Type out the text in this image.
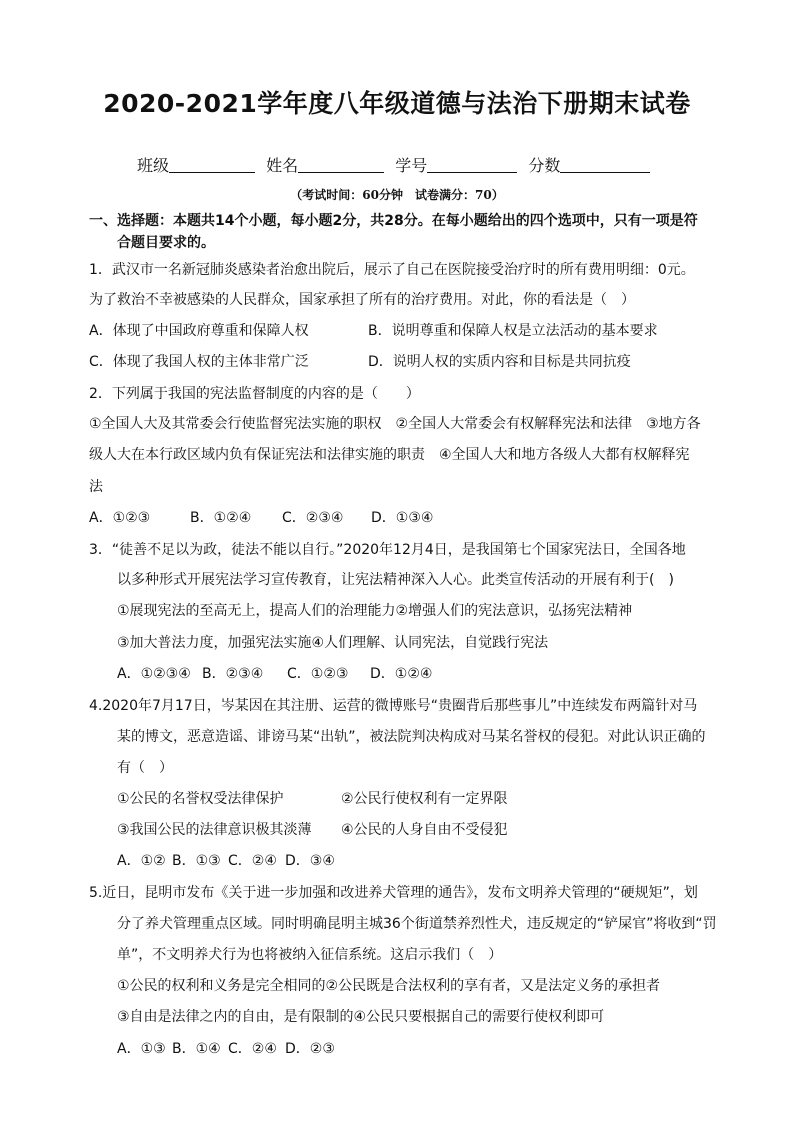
2020-2021学年度八年级道德与法治下册期末试卷
班级	姓名	学号	分数
（考试时间：60分钟　试卷满分：70）
一、选择题：本题共14个小题，每小题2分，共28分。在每小题给出的四个选项中，只有一项是符
合题目要求的。
1．武汉市一名新冠肺炎感染者治愈出院后，展示了自己在医院接受治疗时的所有费用明细：0元。
为了救治不幸被感染的人民群众，国家承担了所有的治疗费用。对此，你的看法是（　）
A．体现了中国政府尊重和保障人权	B．说明尊重和保障人权是立法活动的基本要求
C．体现了我国人权的主体非常广泛	D．说明人权的实质内容和目标是共同抗疫
2．下列属于我国的宪法监督制度的内容的是（　　）
①全国人大及其常委会行使监督宪法实施的职权　②全国人大常委会有权解释宪法和法律　③地方各
级人大在本行政区域内负有保证宪法和法律实施的职责　④全国人大和地方各级人大都有权解释宪
法
A．①②③	B．①②④ C．②③④ D．①③④
3．“徒善不足以为政，徒法不能以自行。”2020年12月4日，是我国第七个国家宪法日，全国各地
以多种形式开展宪法学习宣传教育，让宪法精神深入人心。此类宣传活动的开展有利于(　)
①展现宪法的至高无上，提高人们的治理能力②增强人们的宪法意识，弘扬宪法精神
③加大普法力度，加强宪法实施④人们理解、认同宪法，自觉践行宪法
A．①②③④ B．②③④ C．①②③ D．①②④
4.2020年7月17日，岑某因在其注册、运营的微博账号“贵圈背后那些事儿”中连续发布两篇针对马
某的博文，恶意造谣、诽谤马某“出轨”，被法院判决构成对马某名誉权的侵犯。对此认识正确的
有（　）
①公民的名誉权受法律保护	②公民行使权利有一定界限
③我国公民的法律意识极其淡薄 ④公民的人身自由不受侵犯
A．①② B．①③ C．②④ D．③④
5.近日，昆明市发布《关于进一步加强和改进养犬管理的通告》，发布文明养犬管理的“硬规矩”，划
分了养犬管理重点区域。同时明确昆明主城36个街道禁养烈性犬，违反规定的“铲屎官”将收到“罚
单”，不文明养犬行为也将被纳入征信系统。这启示我们（　）
①公民的权利和义务是完全相同的②公民既是合法权利的享有者，又是法定义务的承担者
③自由是法律之内的自由，是有限制的④公民只要根据自己的需要行使权利即可
A．①③ B．①④ C．②④ D．②③
